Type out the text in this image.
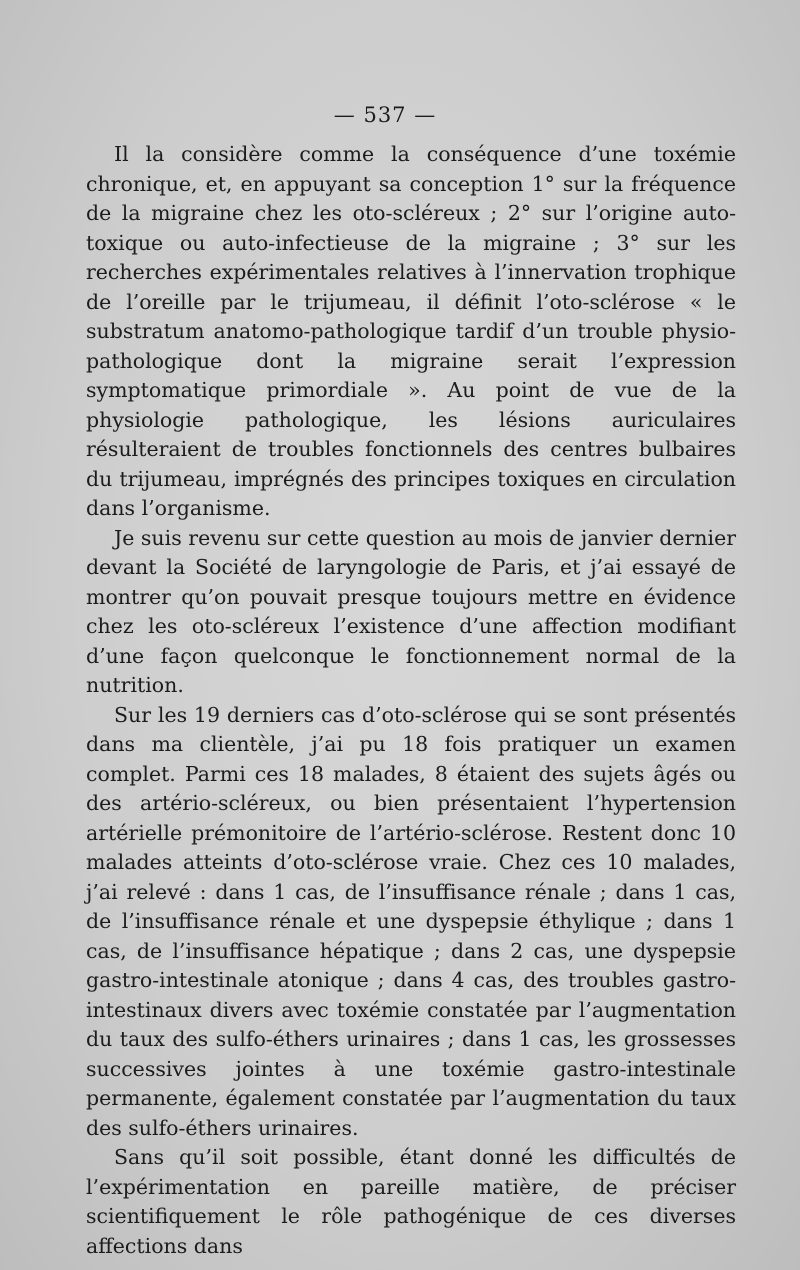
— 537 —

Il la considère comme la conséquence d’une toxémie chronique, et, en appuyant sa conception 1° sur la fréquence de la migraine chez les oto-scléreux ; 2° sur l’origine auto-toxique ou auto-infectieuse de la migraine ; 3° sur les recherches expérimentales relatives à l’innervation trophique de l’oreille par le trijumeau, il définit l’oto-sclérose « le substratum anatomo-pathologique tardif d’un trouble physio-pathologique dont la migraine serait l’expression symptomatique primordiale ». Au point de vue de la physiologie pathologique, les lésions auriculaires résulteraient de troubles fonctionnels des centres bulbaires du trijumeau, imprégnés des principes toxiques en circulation dans l’organisme.

Je suis revenu sur cette question au mois de janvier dernier devant la Société de laryngologie de Paris, et j’ai essayé de montrer qu’on pouvait presque toujours mettre en évidence chez les oto-scléreux l’existence d’une affection modifiant d’une façon quelconque le fonctionnement normal de la nutrition.

Sur les 19 derniers cas d’oto-sclérose qui se sont présentés dans ma clientèle, j’ai pu 18 fois pratiquer un examen complet. Parmi ces 18 malades, 8 étaient des sujets âgés ou des artério-scléreux, ou bien présentaient l’hypertension artérielle prémonitoire de l’artério-sclérose. Restent donc 10 malades atteints d’oto-sclérose vraie. Chez ces 10 malades, j’ai relevé : dans 1 cas, de l’insuffisance rénale ; dans 1 cas, de l’insuffisance rénale et une dyspepsie éthylique ; dans 1 cas, de l’insuffisance hépatique ; dans 2 cas, une dyspepsie gastro-intestinale atonique ; dans 4 cas, des troubles gastro-intestinaux divers avec toxémie constatée par l’augmentation du taux des sulfo-éthers urinaires ; dans 1 cas, les grossesses successives jointes à une toxémie gastro-intestinale permanente, également constatée par l’augmentation du taux des sulfo-éthers urinaires.

Sans qu’il soit possible, étant donné les difficultés de l’expérimentation en pareille matière, de préciser scientifiquement le rôle pathogénique de ces diverses affections dans
